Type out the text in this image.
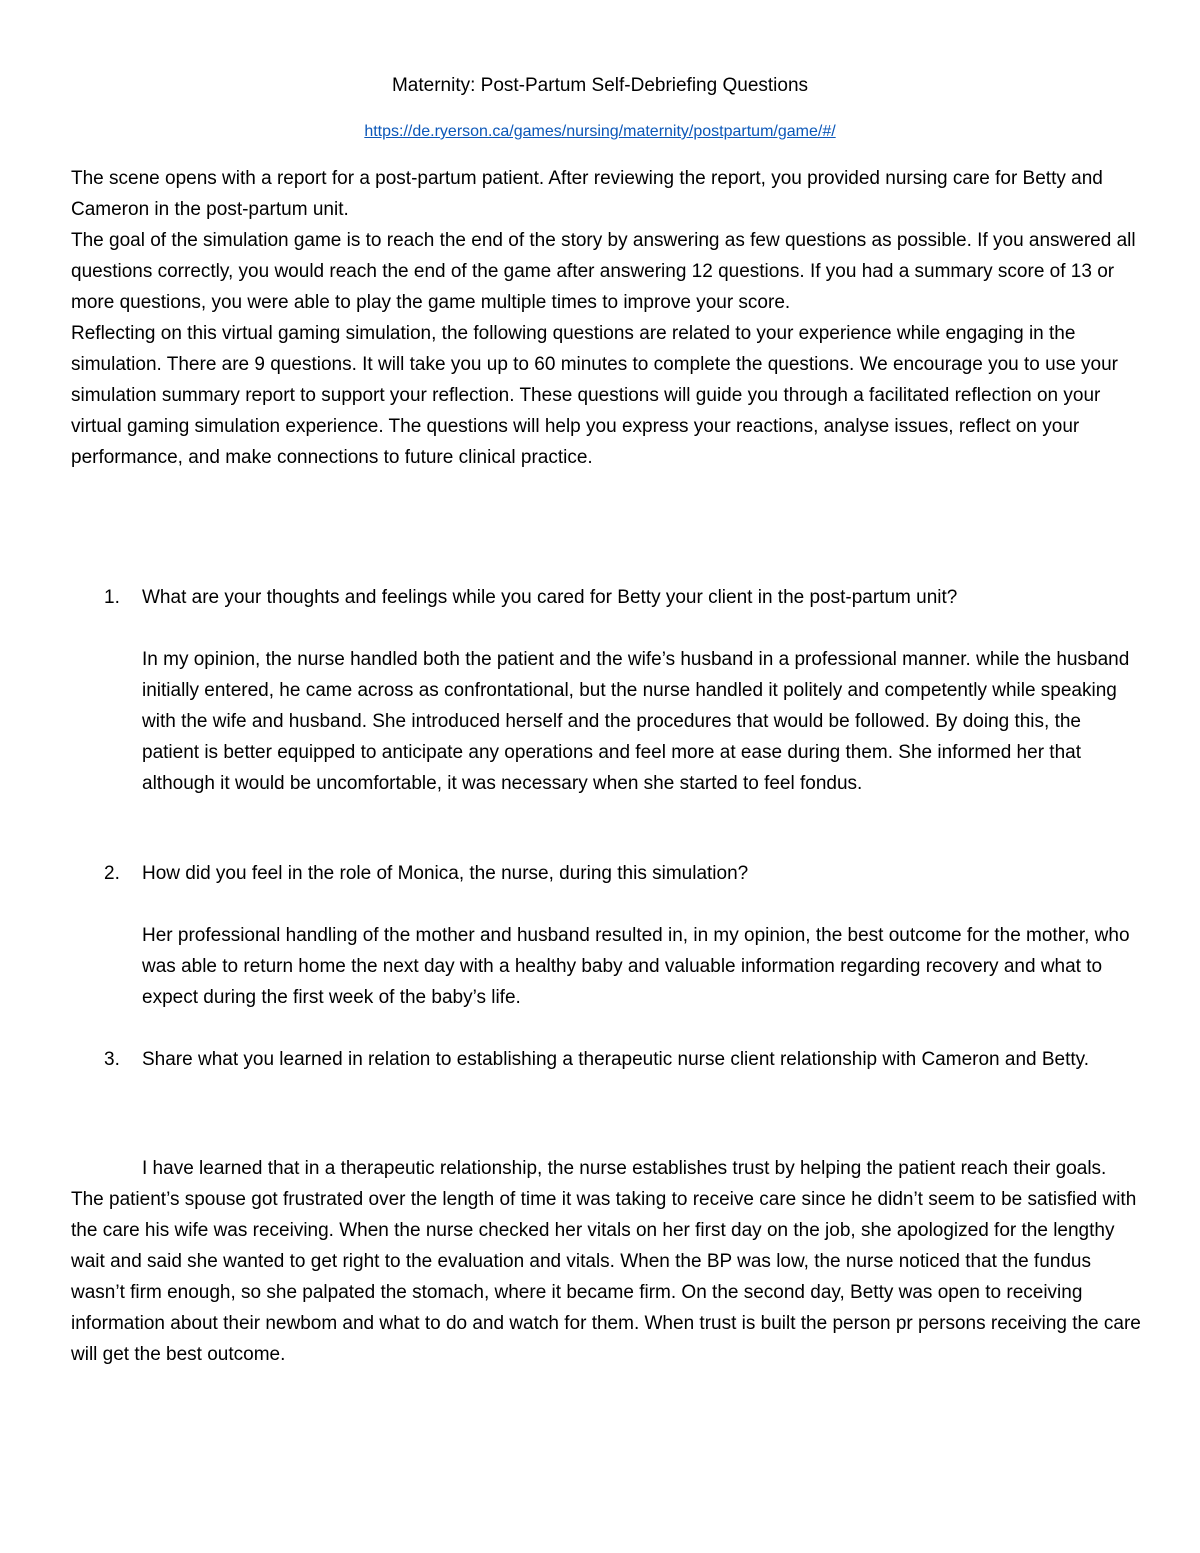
Maternity: Post-Partum Self-Debriefing Questions
https://de.ryerson.ca/games/nursing/maternity/postpartum/game/#/

The scene opens with a report for a post-partum patient. After reviewing the report, you provided nursing care for Betty and Cameron in the post-partum unit.

The goal of the simulation game is to reach the end of the story by answering as few questions as possible. If you answered all questions correctly, you would reach the end of the game after answering 12 questions. If you had a summary score of 13 or more questions, you were able to play the game multiple times to improve your score.

Reflecting on this virtual gaming simulation, the following questions are related to your experience while engaging in the simulation. There are 9 questions. It will take you up to 60 minutes to complete the questions. We encourage you to use your simulation summary report to support your reflection. These questions will guide you through a facilitated reflection on your virtual gaming simulation experience. The questions will help you express your reactions, analyse issues, reflect on your performance, and make connections to future clinical practice.

1.	What are your thoughts and feelings while you cared for Betty your client in the post-partum unit?

In my opinion, the nurse handled both the patient and the wife’s husband in a professional manner. while the husband initially entered, he came across as confrontational, but the nurse handled it politely and competently while speaking with the wife and husband. She introduced herself and the procedures that would be followed. By doing this, the patient is better equipped to anticipate any operations and feel more at ease during them. She informed her that although it would be uncomfortable, it was necessary when she started to feel fondus.

2.	How did you feel in the role of Monica, the nurse, during this simulation?

Her professional handling of the mother and husband resulted in, in my opinion, the best outcome for the mother, who was able to return home the next day with a healthy baby and valuable information regarding recovery and what to expect during the first week of the baby’s life.

3.	Share what you learned in relation to establishing a therapeutic nurse client relationship with Cameron and Betty.

I have learned that in a therapeutic relationship, the nurse establishes trust by helping the patient reach their goals. The patient’s spouse got frustrated over the length of time it was taking to receive care since he didn’t seem to be satisfied with the care his wife was receiving. When the nurse checked her vitals on her first day on the job, she apologized for the lengthy wait and said she wanted to get right to the evaluation and vitals. When the BP was low, the nurse noticed that the fundus wasn’t firm enough, so she palpated the stomach, where it became firm. On the second day, Betty was open to receiving information about their newbom and what to do and watch for them. When trust is built the person pr persons receiving the care will get the best outcome.
